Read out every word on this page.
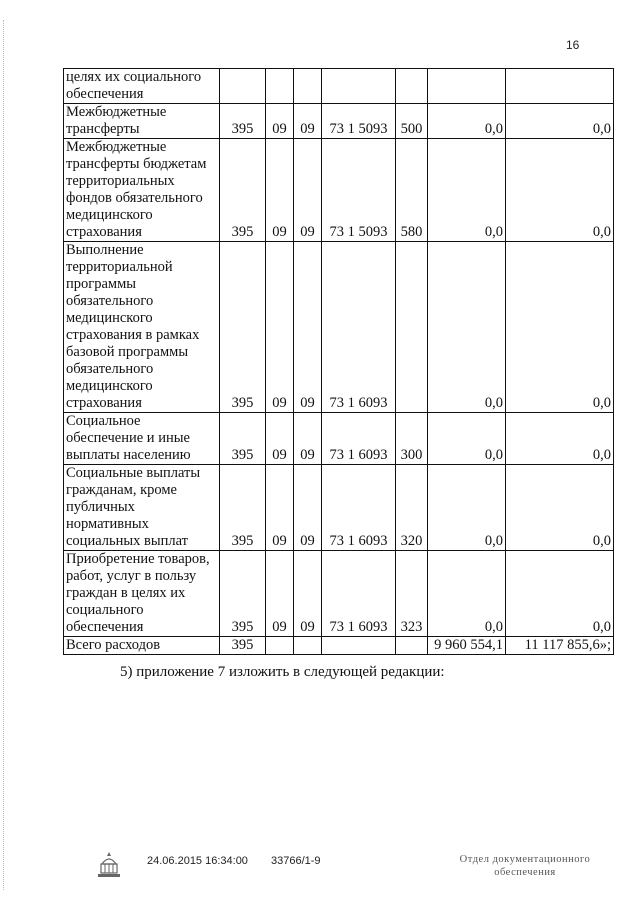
16
целях их социального обеспечения							
Межбюджетные трансферты	395	09	09	73 1 5093	500	0,0	0,0
Межбюджетные трансферты бюджетам территориальных фондов обязательного медицинского страхования	395	09	09	73 1 5093	580	0,0	0,0
Выполнение территориальной программы обязательного медицинского страхования в рамках базовой программы обязательного медицинского страхования	395	09	09	73 1 6093		0,0	0,0
Социальное обеспечение и иные выплаты населению	395	09	09	73 1 6093	300	0,0	0,0
Социальные выплаты гражданам, кроме публичных нормативных социальных выплат	395	09	09	73 1 6093	320	0,0	0,0
Приобретение товаров, работ, услуг в пользу граждан в целях их социального обеспечения	395	09	09	73 1 6093	323	0,0	0,0
Всего расходов	395					9 960 554,1	11 117 855,6»;
5) приложение 7 изложить в следующей редакции:
24.06.2015 16:34:00 33766/1-9	Отдел документационного
обеспечения
